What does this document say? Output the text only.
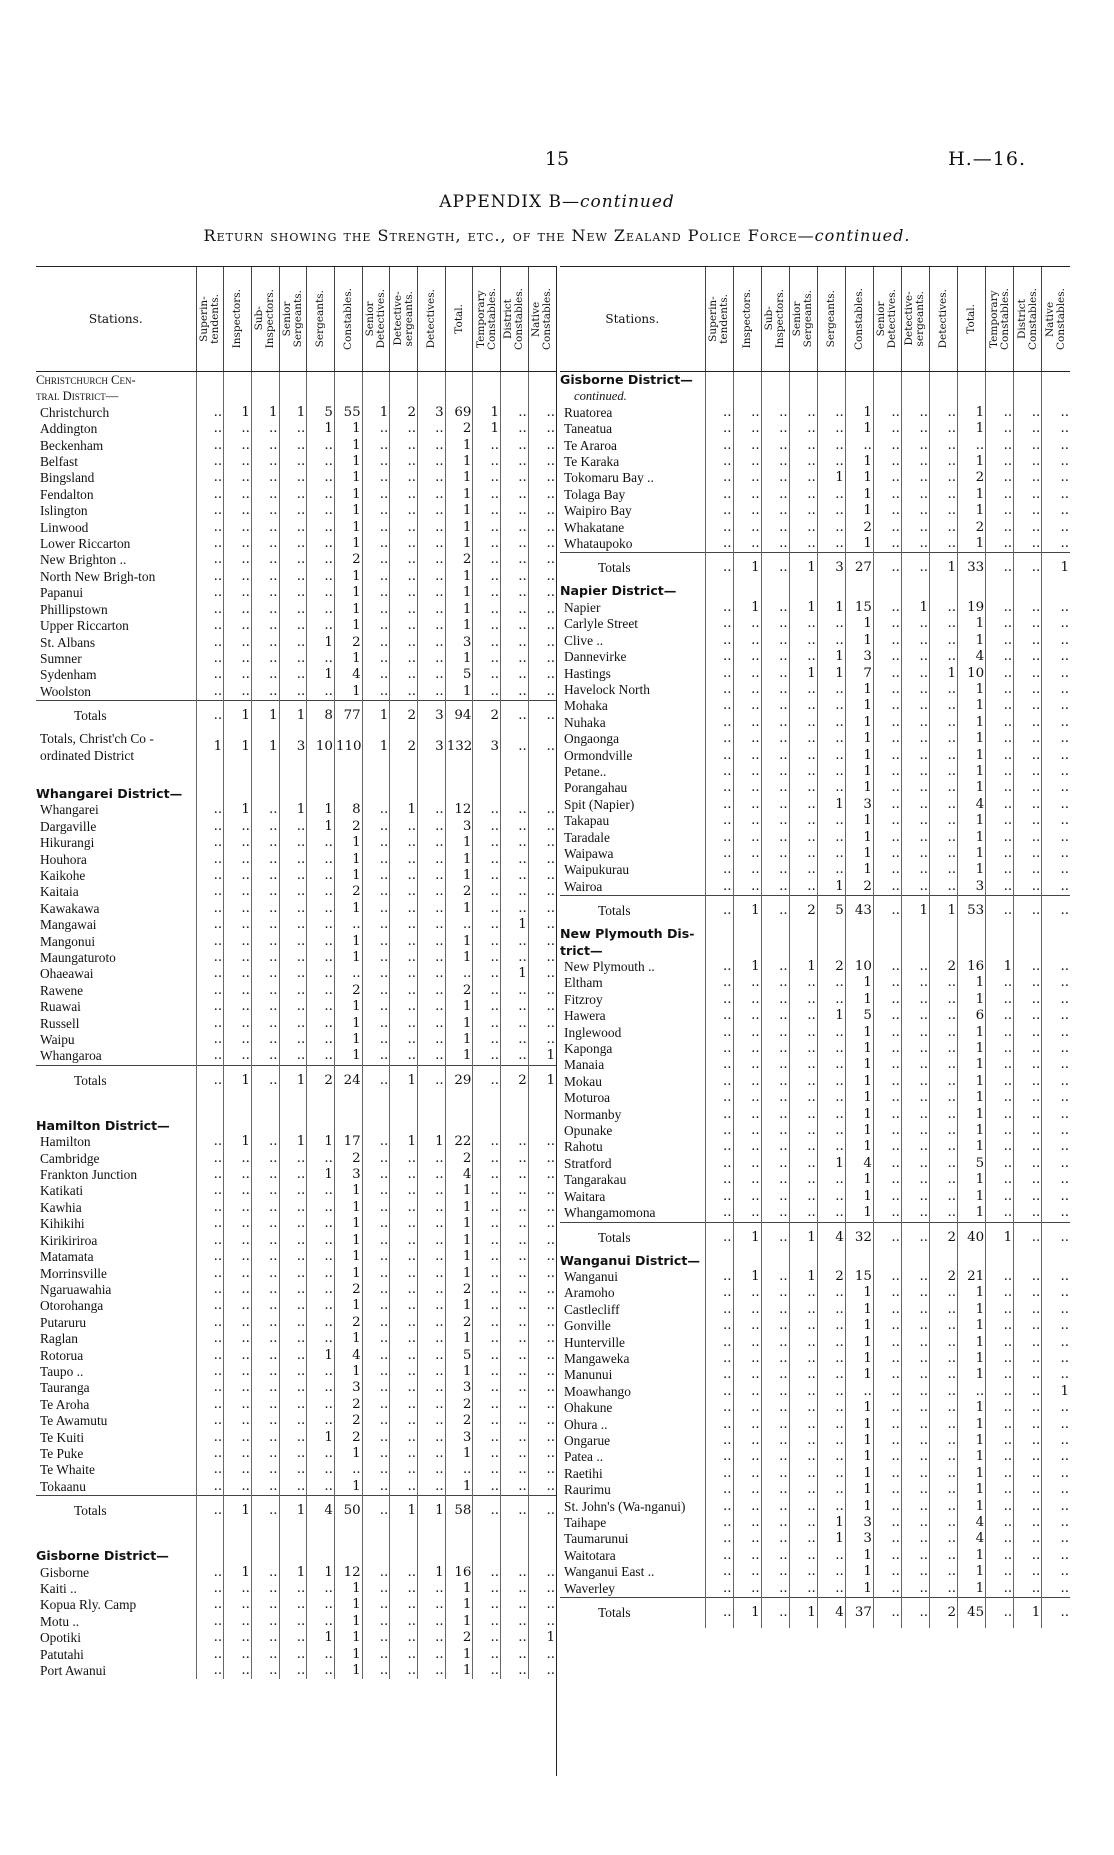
15	H.—16.
APPENDIX B—continued
Return showing the Strength, etc., of the New Zealand Police Force—continued.
Stations.	Superin-
tendents.	Inspectors.	Sub-
Inspectors.	Senior
Sergeants.	Sergeants.	Constables.	Senior
Detectives.	Detective-
sergeants.	Detectives.	Total.	Temporary
Constables.	District
Constables.	Native
Constables.

Christchurch Cen-													
tral District—													
Christchurch	..	1	1	1	5	55	1	2	3	69	1	..	..
Addington	..	..	..	..	1	1	..	..	..	2	1	..	..
Beckenham	..	..	..	..	..	1	..	..	..	1	..	..	..
Belfast	..	..	..	..	..	1	..	..	..	1	..	..	..
Bingsland	..	..	..	..	..	1	..	..	..	1	..	..	..
Fendalton	..	..	..	..	..	1	..	..	..	1	..	..	..
Islington	..	..	..	..	..	1	..	..	..	1	..	..	..
Linwood	..	..	..	..	..	1	..	..	..	1	..	..	..
Lower Riccarton	..	..	..	..	..	1	..	..	..	1	..	..	..
New Brighton ..	..	..	..	..	..	2	..	..	..	2	..	..	..
North New Brigh-ton	..	..	..	..	..	1	..	..	..	1	..	..	..
Papanui	..	..	..	..	..	1	..	..	..	1	..	..	..
Phillipstown	..	..	..	..	..	1	..	..	..	1	..	..	..
Upper Riccarton	..	..	..	..	..	1	..	..	..	1	..	..	..
St. Albans	..	..	..	..	1	2	..	..	..	3	..	..	..
Sumner	..	..	..	..	..	1	..	..	..	1	..	..	..
Sydenham	..	..	..	..	1	4	..	..	..	5	..	..	..
Woolston	..	..	..	..	..	1	..	..	..	1	..	..	..
Totals	..	1	1	1	8	77	1	2	3	94	2	..	..
Totals, Christ'ch Co - ordinated District	1	1	1	3	10	110	1	2	3	132	3	..	..

Whangarei District—													
Whangarei	..	1	..	1	1	8	..	1	..	12	..	..	..
Dargaville	..	..	..	..	1	2	..	..	..	3	..	..	..
Hikurangi	..	..	..	..	..	1	..	..	..	1	..	..	..
Houhora	..	..	..	..	..	1	..	..	..	1	..	..	..
Kaikohe	..	..	..	..	..	1	..	..	..	1	..	..	..
Kaitaia	..	..	..	..	..	2	..	..	..	2	..	..	..
Kawakawa	..	..	..	..	..	1	..	..	..	1	..	..	..
Mangawai	..	..	..	..	..	..	..	..	..	..	..	1	..
Mangonui	..	..	..	..	..	1	..	..	..	1	..	..	..
Maungaturoto	..	..	..	..	..	1	..	..	..	1	..	..	..
Ohaeawai	..	..	..	..	..	..	..	..	..	..	..	1	..
Rawene	..	..	..	..	..	2	..	..	..	2	..	..	..
Ruawai	..	..	..	..	..	1	..	..	..	1	..	..	..
Russell	..	..	..	..	..	1	..	..	..	1	..	..	..
Waipu	..	..	..	..	..	1	..	..	..	1	..	..	..
Whangaroa	..	..	..	..	..	1	..	..	..	1	..	..	1
Totals	..	1	..	1	2	24	..	1	..	29	..	2	1

Hamilton District—													
Hamilton	..	1	..	1	1	17	..	1	1	22	..	..	..
Cambridge	..	..	..	..	..	2	..	..	..	2	..	..	..
Frankton Junction	..	..	..	..	1	3	..	..	..	4	..	..	..
Katikati	..	..	..	..	..	1	..	..	..	1	..	..	..
Kawhia	..	..	..	..	..	1	..	..	..	1	..	..	..
Kihikihi	..	..	..	..	..	1	..	..	..	1	..	..	..
Kirikiriroa	..	..	..	..	..	1	..	..	..	1	..	..	..
Matamata	..	..	..	..	..	1	..	..	..	1	..	..	..
Morrinsville	..	..	..	..	..	1	..	..	..	1	..	..	..
Ngaruawahia	..	..	..	..	..	2	..	..	..	2	..	..	..
Otorohanga	..	..	..	..	..	1	..	..	..	1	..	..	..
Putaruru	..	..	..	..	..	2	..	..	..	2	..	..	..
Raglan	..	..	..	..	..	1	..	..	..	1	..	..	..
Rotorua	..	..	..	..	1	4	..	..	..	5	..	..	..
Taupo ..	..	..	..	..	..	1	..	..	..	1	..	..	..
Tauranga	..	..	..	..	..	3	..	..	..	3	..	..	..
Te Aroha	..	..	..	..	..	2	..	..	..	2	..	..	..
Te Awamutu	..	..	..	..	..	2	..	..	..	2	..	..	..
Te Kuiti	..	..	..	..	1	2	..	..	..	3	..	..	..
Te Puke	..	..	..	..	..	1	..	..	..	1	..	..	..
Te Whaite	..	..	..	..	..	..	..	..	..	..	..	..	..
Tokaanu	..	..	..	..	..	1	..	..	..	1	..	..	..
Totals	..	1	..	1	4	50	..	1	1	58	..	..	..

Gisborne District—													
Gisborne	..	1	..	1	1	12	..	..	1	16	..	..	..
Kaiti ..	..	..	..	..	..	1	..	..	..	1	..	..	..
Kopua Rly. Camp	..	..	..	..	..	1	..	..	..	1	..	..	..
Motu ..	..	..	..	..	..	1	..	..	..	1	..	..	..
Opotiki	..	..	..	..	1	1	..	..	..	2	..	..	1
Patutahi	..	..	..	..	..	1	..	..	..	1	..	..	..
Port Awanui	..	..	..	..	..	1	..	..	..	1	..	..	..
Stations.	Superin-
tendents.	Inspectors.	Sub-
Inspectors.	Senior
Sergeants.	Sergeants.	Constables.	Senior
Detectives.	Detective-
sergeants.	Detectives.	Total.	Temporary
Constables.	District
Constables.	Native
Constables.

Gisborne District—													
continued.													
Ruatorea	..	..	..	..	..	1	..	..	..	1	..	..	..
Taneatua	..	..	..	..	..	1	..	..	..	1	..	..	..
Te Araroa	..	..	..	..	..	..	..	..	..	..	..	..	..
Te Karaka	..	..	..	..	..	1	..	..	..	1	..	..	..
Tokomaru Bay ..	..	..	..	..	1	1	..	..	..	2	..	..	..
Tolaga Bay	..	..	..	..	..	1	..	..	..	1	..	..	..
Waipiro Bay	..	..	..	..	..	1	..	..	..	1	..	..	..
Whakatane	..	..	..	..	..	2	..	..	..	2	..	..	..
Whataupoko	..	..	..	..	..	1	..	..	..	1	..	..	..
Totals	..	1	..	1	3	27	..	..	1	33	..	..	1
Napier District—													
Napier	..	1	..	1	1	15	..	1	..	19	..	..	..
Carlyle Street	..	..	..	..	..	1	..	..	..	1	..	..	..
Clive ..	..	..	..	..	..	1	..	..	..	1	..	..	..
Dannevirke	..	..	..	..	1	3	..	..	..	4	..	..	..
Hastings	..	..	..	1	1	7	..	..	1	10	..	..	..
Havelock North	..	..	..	..	..	1	..	..	..	1	..	..	..
Mohaka	..	..	..	..	..	1	..	..	..	1	..	..	..
Nuhaka	..	..	..	..	..	1	..	..	..	1	..	..	..
Ongaonga	..	..	..	..	..	1	..	..	..	1	..	..	..
Ormondville	..	..	..	..	..	1	..	..	..	1	..	..	..
Petane..	..	..	..	..	..	1	..	..	..	1	..	..	..
Porangahau	..	..	..	..	..	1	..	..	..	1	..	..	..
Spit (Napier)	..	..	..	..	1	3	..	..	..	4	..	..	..
Takapau	..	..	..	..	..	1	..	..	..	1	..	..	..
Taradale	..	..	..	..	..	1	..	..	..	1	..	..	..
Waipawa	..	..	..	..	..	1	..	..	..	1	..	..	..
Waipukurau	..	..	..	..	..	1	..	..	..	1	..	..	..
Wairoa	..	..	..	..	1	2	..	..	..	3	..	..	..
Totals	..	1	..	2	5	43	..	1	1	53	..	..	..
New Plymouth Dis-													
trict—													
New Plymouth ..	..	1	..	1	2	10	..	..	2	16	1	..	..
Eltham	..	..	..	..	..	1	..	..	..	1	..	..	..
Fitzroy	..	..	..	..	..	1	..	..	..	1	..	..	..
Hawera	..	..	..	..	1	5	..	..	..	6	..	..	..
Inglewood	..	..	..	..	..	1	..	..	..	1	..	..	..
Kaponga	..	..	..	..	..	1	..	..	..	1	..	..	..
Manaia	..	..	..	..	..	1	..	..	..	1	..	..	..
Mokau	..	..	..	..	..	1	..	..	..	1	..	..	..
Moturoa	..	..	..	..	..	1	..	..	..	1	..	..	..
Normanby	..	..	..	..	..	1	..	..	..	1	..	..	..
Opunake	..	..	..	..	..	1	..	..	..	1	..	..	..
Rahotu	..	..	..	..	..	1	..	..	..	1	..	..	..
Stratford	..	..	..	..	1	4	..	..	..	5	..	..	..
Tangarakau	..	..	..	..	..	1	..	..	..	1	..	..	..
Waitara	..	..	..	..	..	1	..	..	..	1	..	..	..
Whangamomona	..	..	..	..	..	1	..	..	..	1	..	..	..
Totals	..	1	..	1	4	32	..	..	2	40	1	..	..
Wanganui District—													
Wanganui	..	1	..	1	2	15	..	..	2	21	..	..	..
Aramoho	..	..	..	..	..	1	..	..	..	1	..	..	..
Castlecliff	..	..	..	..	..	1	..	..	..	1	..	..	..
Gonville	..	..	..	..	..	1	..	..	..	1	..	..	..
Hunterville	..	..	..	..	..	1	..	..	..	1	..	..	..
Mangaweka	..	..	..	..	..	1	..	..	..	1	..	..	..
Manunui	..	..	..	..	..	1	..	..	..	1	..	..	..
Moawhango	..	..	..	..	..	..	..	..	..	..	..	..	1
Ohakune	..	..	..	..	..	1	..	..	..	1	..	..	..
Ohura ..	..	..	..	..	..	1	..	..	..	1	..	..	..
Ongarue	..	..	..	..	..	1	..	..	..	1	..	..	..
Patea ..	..	..	..	..	..	1	..	..	..	1	..	..	..
Raetihi	..	..	..	..	..	1	..	..	..	1	..	..	..
Raurimu	..	..	..	..	..	1	..	..	..	1	..	..	..
St. John's (Wa-nganui)	..	..	..	..	..	1	..	..	..	1	..	..	..
Taihape	..	..	..	..	1	3	..	..	..	4	..	..	..
Taumarunui	..	..	..	..	1	3	..	..	..	4	..	..	..
Waitotara	..	..	..	..	..	1	..	..	..	1	..	..	..
Wanganui East ..	..	..	..	..	..	1	..	..	..	1	..	..	..
Waverley	..	..	..	..	..	1	..	..	..	1	..	..	..
Totals	..	1	..	1	4	37	..	..	2	45	..	1	..
